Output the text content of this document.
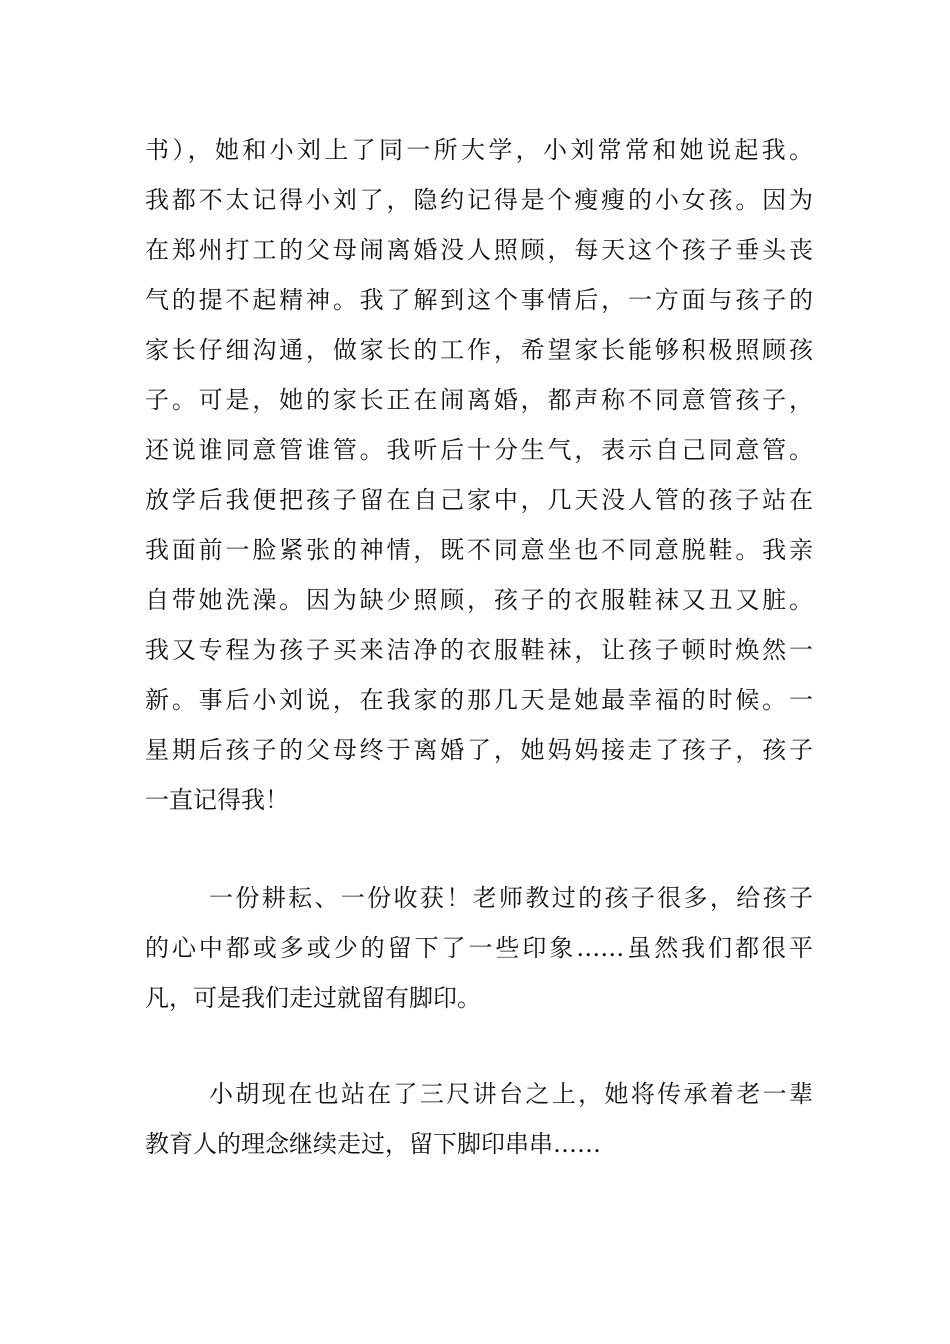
书），她和小刘上了同一所大学，小刘常常和她说起我。
我都不太记得小刘了，隐约记得是个瘦瘦的小女孩。因为
在郑州打工的父母闹离婚没人照顾，每天这个孩子垂头丧
气的提不起精神。我了解到这个事情后，一方面与孩子的
家长仔细沟通，做家长的工作，希望家长能够积极照顾孩
子。可是，她的家长正在闹离婚，都声称不同意管孩子，
还说谁同意管谁管。我听后十分生气，表示自己同意管。
放学后我便把孩子留在自己家中，几天没人管的孩子站在
我面前一脸紧张的神情，既不同意坐也不同意脱鞋。我亲
自带她洗澡。因为缺少照顾，孩子的衣服鞋袜又丑又脏。
我又专程为孩子买来洁净的衣服鞋袜，让孩子顿时焕然一
新。事后小刘说，在我家的那几天是她最幸福的时候。一
星期后孩子的父母终于离婚了，她妈妈接走了孩子，孩子
一直记得我！
一份耕耘、一份收获！老师教过的孩子很多，给孩子
的心中都或多或少的留下了一些印象……虽然我们都很平
凡，可是我们走过就留有脚印。
小胡现在也站在了三尺讲台之上，她将传承着老一辈
教育人的理念继续走过，留下脚印串串……
